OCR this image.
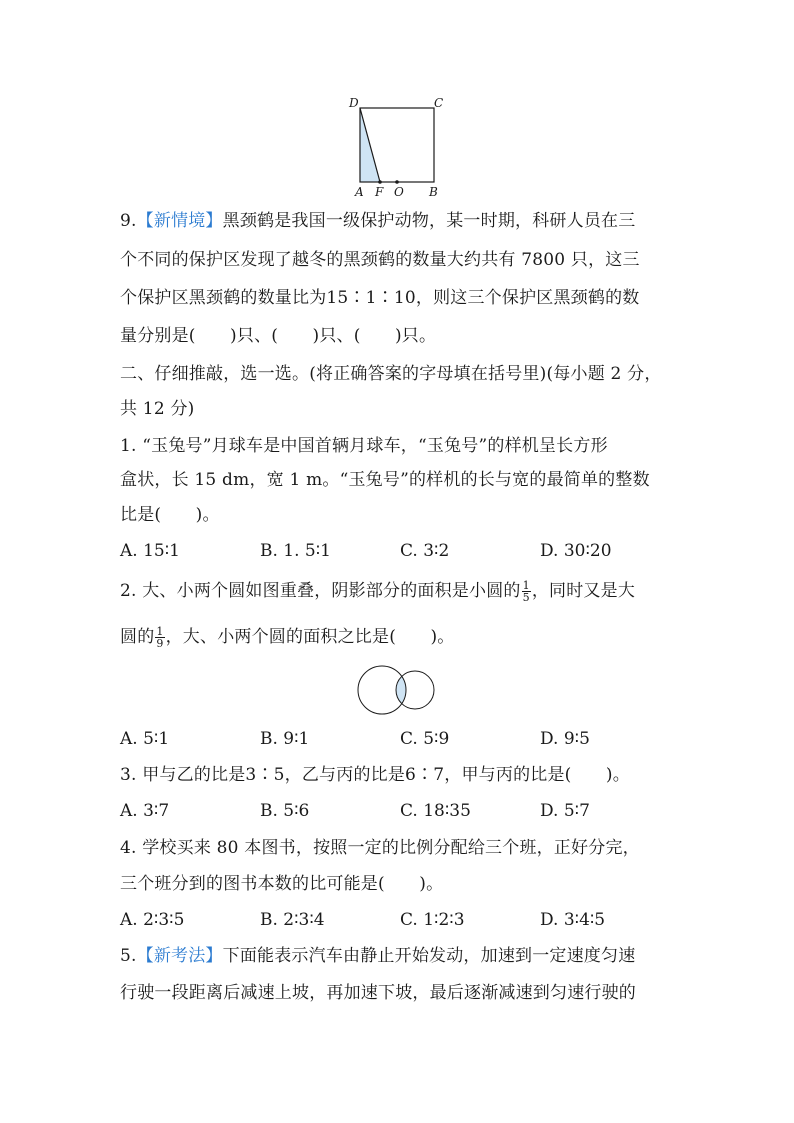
D	C
A F O B
9.【新情境】黑颈鹤是我国一级保护动物，某一时期，科研人员在三
个不同的保护区发现了越冬的黑颈鹤的数量大约共有 7800 只，这三
个保护区黑颈鹤的数量比为15∶1∶10，则这三个保护区黑颈鹤的数
量分别是(　　)只、(　　)只、(　　)只。
二、仔细推敲，选一选。(将正确答案的字母填在括号里)(每小题 2 分，
共 12 分)
1. “玉兔号”月球车是中国首辆月球车，“玉兔号”的样机呈长方形
盒状，长 15 dm，宽 1 m。“玉兔号”的样机的长与宽的最简单的整数
比是(　　)。
A. 15∶1	B. 1. 5∶1	C. 3∶2	D. 30∶20
2. 大、小两个圆如图重叠，阴影部分的面积是小圆的 $\frac{1}{5}$ ，同时又是大
圆的 $\frac{1}{9}$ ，大、小两个圆的面积之比是(　　)。
A. 5∶1	B. 9∶1	C. 5∶9	D. 9∶5
3. 甲与乙的比是3∶5，乙与丙的比是6∶7，甲与丙的比是(　　)。
A. 3∶7	B. 5∶6	C. 18∶35	D. 5∶7
4. 学校买来 80 本图书，按照一定的比例分配给三个班，正好分完，
三个班分到的图书本数的比可能是(　　)。
A. 2∶3∶5	B. 2∶3∶4	C. 1∶2∶3	D. 3∶4∶5
5.【新考法】下面能表示汽车由静止开始发动，加速到一定速度匀速
行驶一段距离后减速上坡，再加速下坡，最后逐渐减速到匀速行驶的
